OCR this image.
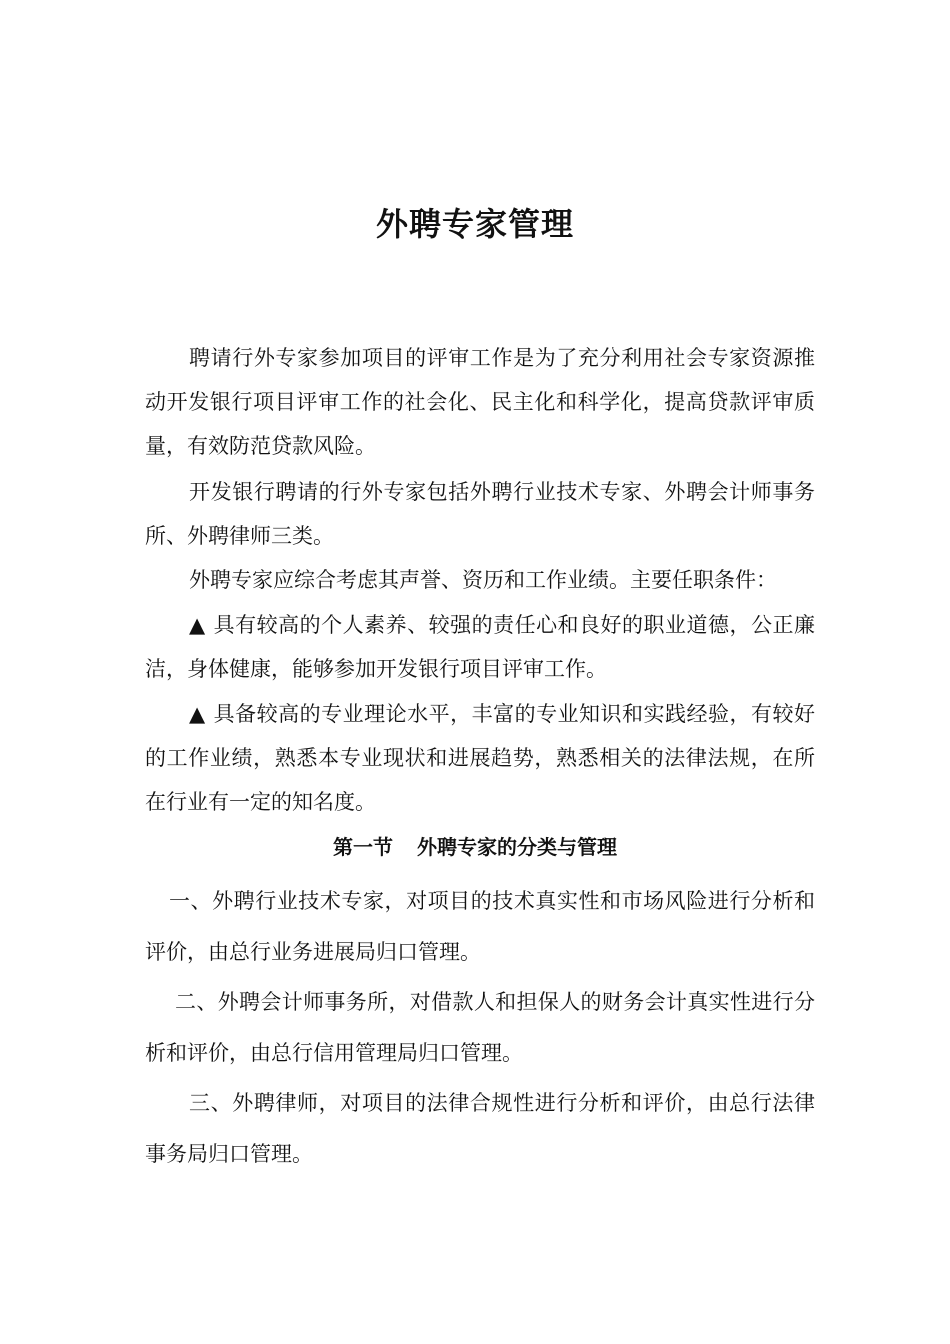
外聘专家管理
聘请行外专家参加项目的评审工作是为了充分利用社会专家资源推动开发银行项目评审工作的社会化、民主化和科学化，提高贷款评审质量，有效防范贷款风险。
开发银行聘请的行外专家包括外聘行业技术专家、外聘会计师事务所、外聘律师三类。
外聘专家应综合考虑其声誉、资历和工作业绩。主要任职条件：
▲ 具有较高的个人素养、较强的责任心和良好的职业道德，公正廉洁，身体健康，能够参加开发银行项目评审工作。
▲ 具备较高的专业理论水平，丰富的专业知识和实践经验，有较好的工作业绩，熟悉本专业现状和进展趋势，熟悉相关的法律法规，在所在行业有一定的知名度。
第一节 外聘专家的分类与管理
一、外聘行业技术专家，对项目的技术真实性和市场风险进行分析和评价，由总行业务进展局归口管理。
二、外聘会计师事务所，对借款人和担保人的财务会计真实性进行分析和评价，由总行信用管理局归口管理。
三、外聘律师，对项目的法律合规性进行分析和评价，由总行法律事务局归口管理。
